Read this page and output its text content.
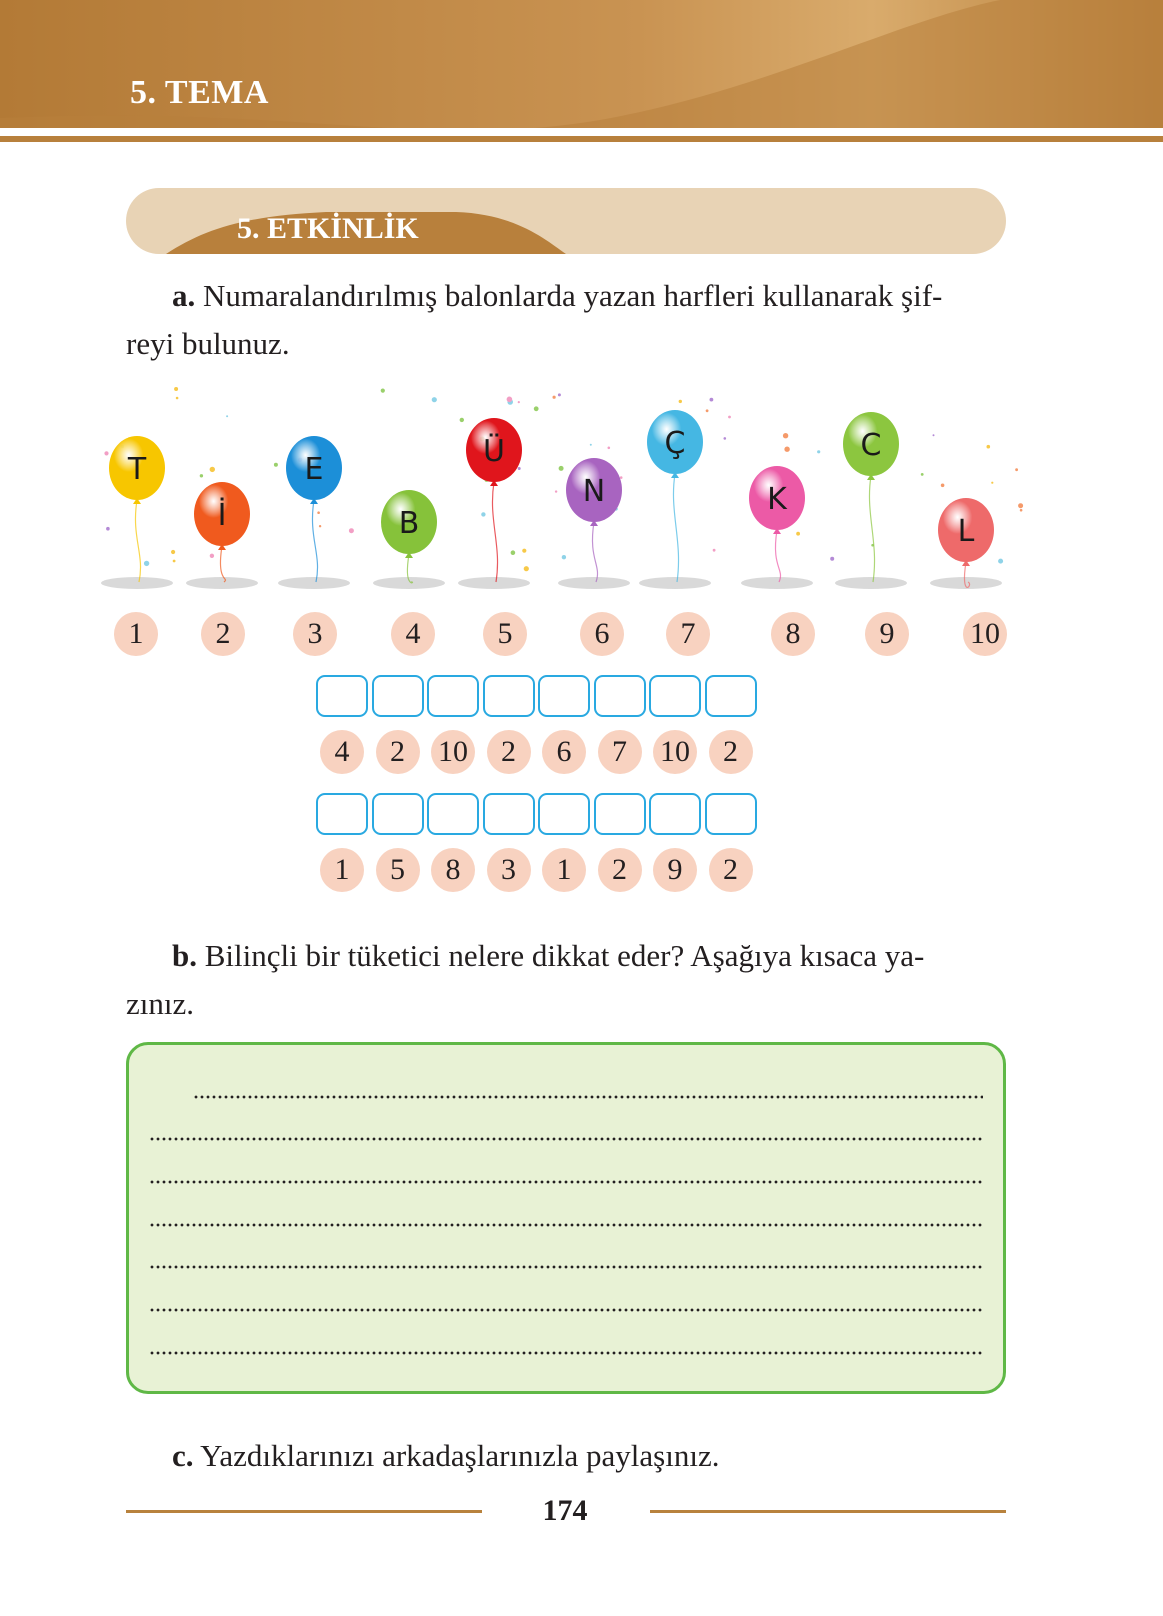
5. TEMA
5. ETKİNLİK
a. Numaralandırılmış balonlarda yazan harfleri kullanarak şif-
reyi bulunuz.
T
İ
E
B
Ü
N
Ç
K
C
L
1	2	3	4	5	6	7	8	9	10
4	2	10	2	6	7	10	2
1	5	8	3	1	2	9	2
b. Bilinçli bir tüketici nelere dikkat eder? Aşağıya kısaca ya-
zınız.
c. Yazdıklarınızı arkadaşlarınızla paylaşınız.
174
